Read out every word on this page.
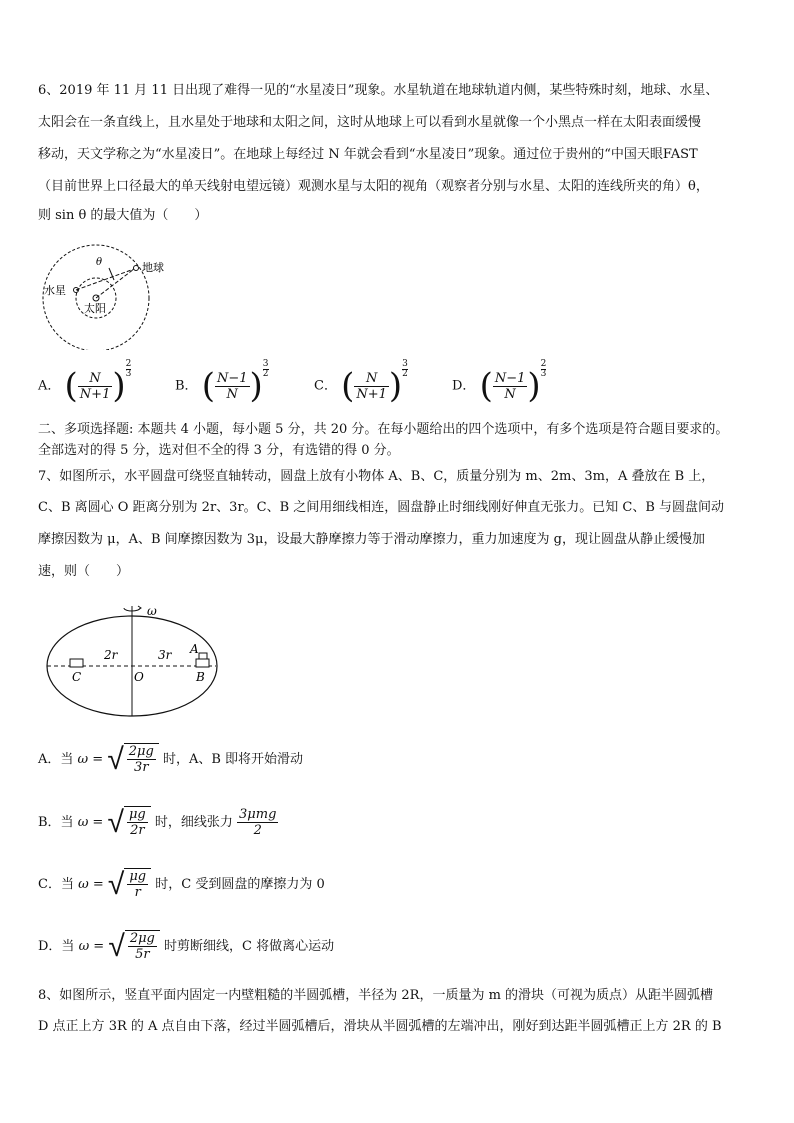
6、2019 年 11 月 11 日出现了难得一见的“水星凌日”现象。水星轨道在地球轨道内侧，某些特殊时刻，地球、水星、
太阳会在一条直线上，且水星处于地球和太阳之间，这时从地球上可以看到水星就像一个小黑点一样在太阳表面缓慢
移动，天文学称之为“水星凌日”。在地球上每经过 N 年就会看到“水星凌日”现象。通过位于贵州的“中国天眼FAST
（目前世界上口径最大的单天线射电望远镜）观测水星与太阳的视角（观察者分别与水星、太阳的连线所夹的角）θ，
则 sin θ 的最大值为（　　）
θ	地球
水星
太阳
A． ( $\frac{N}{N+1}$ ) $\frac{2}{3}$
B． ( $\frac{N-1}{N}$ ) $\frac{3}{2}$
C． ( $\frac{N}{N+1}$ ) $\frac{3}{2}$
D． ( $\frac{N-1}{N}$ ) $\frac{2}{3}$
二、多项选择题: 本题共 4 小题，每小题 5 分，共 20 分。在每小题给出的四个选项中，有多个选项是符合题目要求的。
全部选对的得 5 分，选对但不全的得 3 分，有选错的得 0 分。
7、如图所示，水平圆盘可绕竖直轴转动，圆盘上放有小物体 A、B、C，质量分别为 m、2m、3m，A 叠放在 B 上，
C、B 离圆心 O 距离分别为 2r、3r。C、B 之间用细线相连，圆盘静止时细线刚好伸直无张力。已知 C、B 与圆盘间动
摩擦因数为 μ，A、B 间摩擦因数为 3μ，设最大静摩擦力等于滑动摩擦力，重力加速度为 g，现让圆盘从静止缓慢加
速，则（　　）
ω
2r	3r A
C	O	B
A．当 ω = √ $\frac{2\mu g}{3r}$ 时，A、B 即将开始滑动
B．当 ω = √ $\frac{\mu g}{2r}$ 时，细线张力 $\frac{\text{3μmg}}{2}$
C．当 ω = √ $\frac{\mu g}{r}$ 时，C 受到圆盘的摩擦力为 0
D．当 ω = √ $\frac{2\mu g}{5r}$ 时剪断细线，C 将做离心运动
8、如图所示，竖直平面内固定一内壁粗糙的半圆弧槽，半径为 2R，一质量为 m 的滑块（可视为质点）从距半圆弧槽
D 点正上方 3R 的 A 点自由下落，经过半圆弧槽后，滑块从半圆弧槽的左端冲出，刚好到达距半圆弧槽正上方 2R 的 B
